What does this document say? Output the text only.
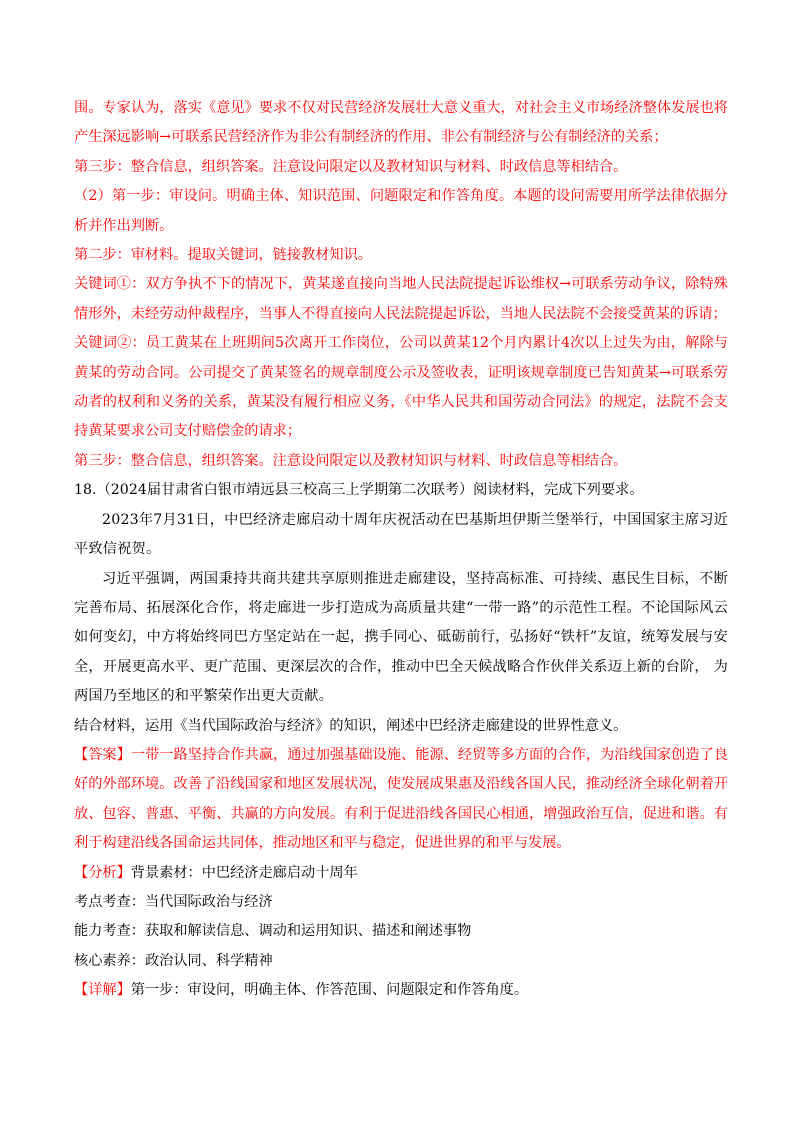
围。专家认为，落实《意见》要求不仅对民营经济发展壮大意义重大，对社会主义市场经济整体发展也将产生深远影响→可联系民营经济作为非公有制经济的作用、非公有制经济与公有制经济的关系；

第三步：整合信息，组织答案。注意设问限定以及教材知识与材料、时政信息等相结合。

（2）第一步：审设问。明确主体、知识范围、问题限定和作答角度。本题的设问需要用所学法律依据分析并作出判断。

第二步：审材料。提取关键词，链接教材知识。

关键词①：双方争执不下的情况下，黄某遂直接向当地人民法院提起诉讼维权→可联系劳动争议，除特殊情形外，未经劳动仲裁程序，当事人不得直接向人民法院提起诉讼，当地人民法院不会接受黄某的诉请；

关键词②：员工黄某在上班期间5次离开工作岗位，公司以黄某12个月内累计4次以上过失为由，解除与黄某的劳动合同。公司提交了黄某签名的规章制度公示及签收表，证明该规章制度已告知黄某→可联系劳动者的权利和义务的关系，黄某没有履行相应义务，《中华人民共和国劳动合同法》的规定，法院不会支持黄某要求公司支付赔偿金的请求；

第三步：整合信息，组织答案。注意设问限定以及教材知识与材料、时政信息等相结合。

18.（2024届甘肃省白银市靖远县三校高三上学期第二次联考）阅读材料，完成下列要求。

2023年7月31日，中巴经济走廊启动十周年庆祝活动在巴基斯坦伊斯兰堡举行，中国国家主席习近平致信祝贺。

习近平强调，两国秉持共商共建共享原则推进走廊建设，坚持高标准、可持续、惠民生目标，不断完善布局、拓展深化合作，将走廊进一步打造成为高质量共建“一带一路”的示范性工程。不论国际风云如何变幻，中方将始终同巴方坚定站在一起，携手同心、砥砺前行，弘扬好“铁杆”友谊，统筹发展与安全，开展更高水平、更广范围、更深层次的合作，推动中巴全天候战略合作伙伴关系迈上新的台阶， 为两国乃至地区的和平繁荣作出更大贡献。

结合材料，运用《当代国际政治与经济》的知识，阐述中巴经济走廊建设的世界性意义。

【答案】一带一路坚持合作共赢，通过加强基础设施、能源、经贸等多方面的合作，为沿线国家创造了良好的外部环境。改善了沿线国家和地区发展状况，使发展成果惠及沿线各国人民，推动经济全球化朝着开放、包容、普惠、平衡、共赢的方向发展。有利于促进沿线各国民心相通，增强政治互信，促进和谐。有利于构建沿线各国命运共同体，推动地区和平与稳定，促进世界的和平与发展。

【分析】背景素材：中巴经济走廊启动十周年

考点考查：当代国际政治与经济

能力考查：获取和解读信息、调动和运用知识、描述和阐述事物

核心素养：政治认同、科学精神

【详解】第一步：审设问，明确主体、作答范围、问题限定和作答角度。
